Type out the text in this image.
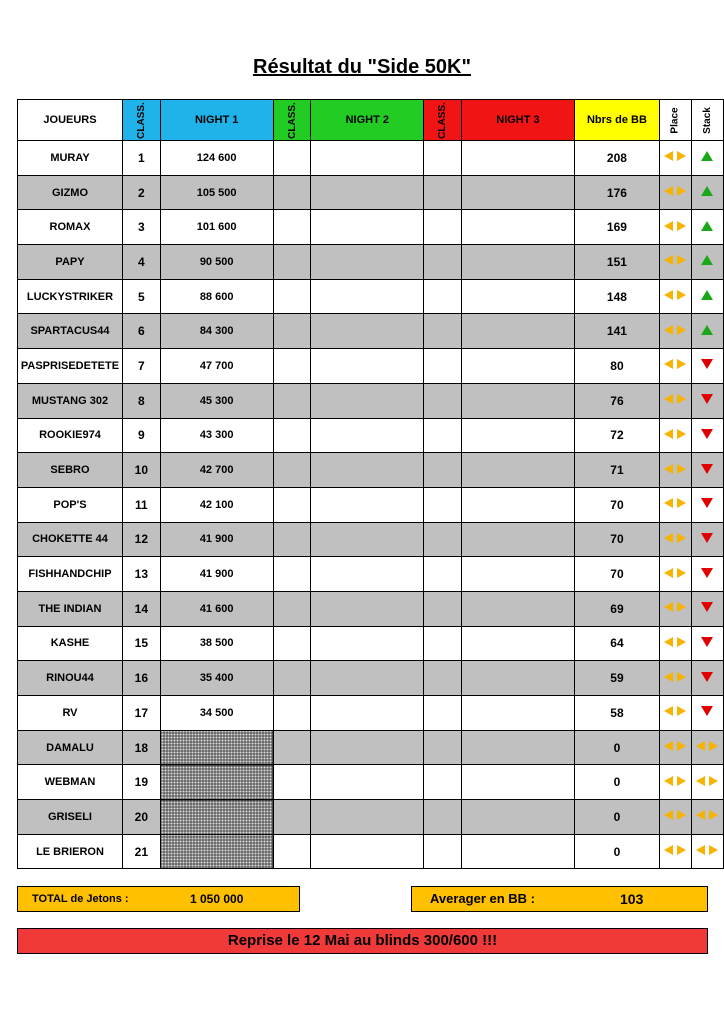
Résultat du "Side 50K"
JOUEURS	CLASS.	NIGHT 1	CLASS.	NIGHT 2	CLASS.	NIGHT 3	Nbrs de BB	Place	Stack
MURAY	1	124 600					208		
GIZMO	2	105 500					176		
ROMAX	3	101 600					169		
PAPY	4	90 500					151		
LUCKYSTRIKER	5	88 600					148		
SPARTACUS44	6	84 300					141		
PASPRISEDETETE	7	47 700					80		
MUSTANG 302	8	45 300					76		
ROOKIE974	9	43 300					72		
SEBRO	10	42 700					71		
POP'S	11	42 100					70		
CHOKETTE 44	12	41 900					70		
FISHHANDCHIP	13	41 900					70		
THE INDIAN	14	41 600					69		
KASHE	15	38 500					64		
RINOU44	16	35 400					59		
RV	17	34 500					58		
DAMALU	18						0		
WEBMAN	19						0		
GRISELI	20						0		
LE BRIERON	21						0		
TOTAL de Jetons :	1 050 000	Averager en BB :	103
Reprise le 12 Mai au blinds 300/600 !!!
